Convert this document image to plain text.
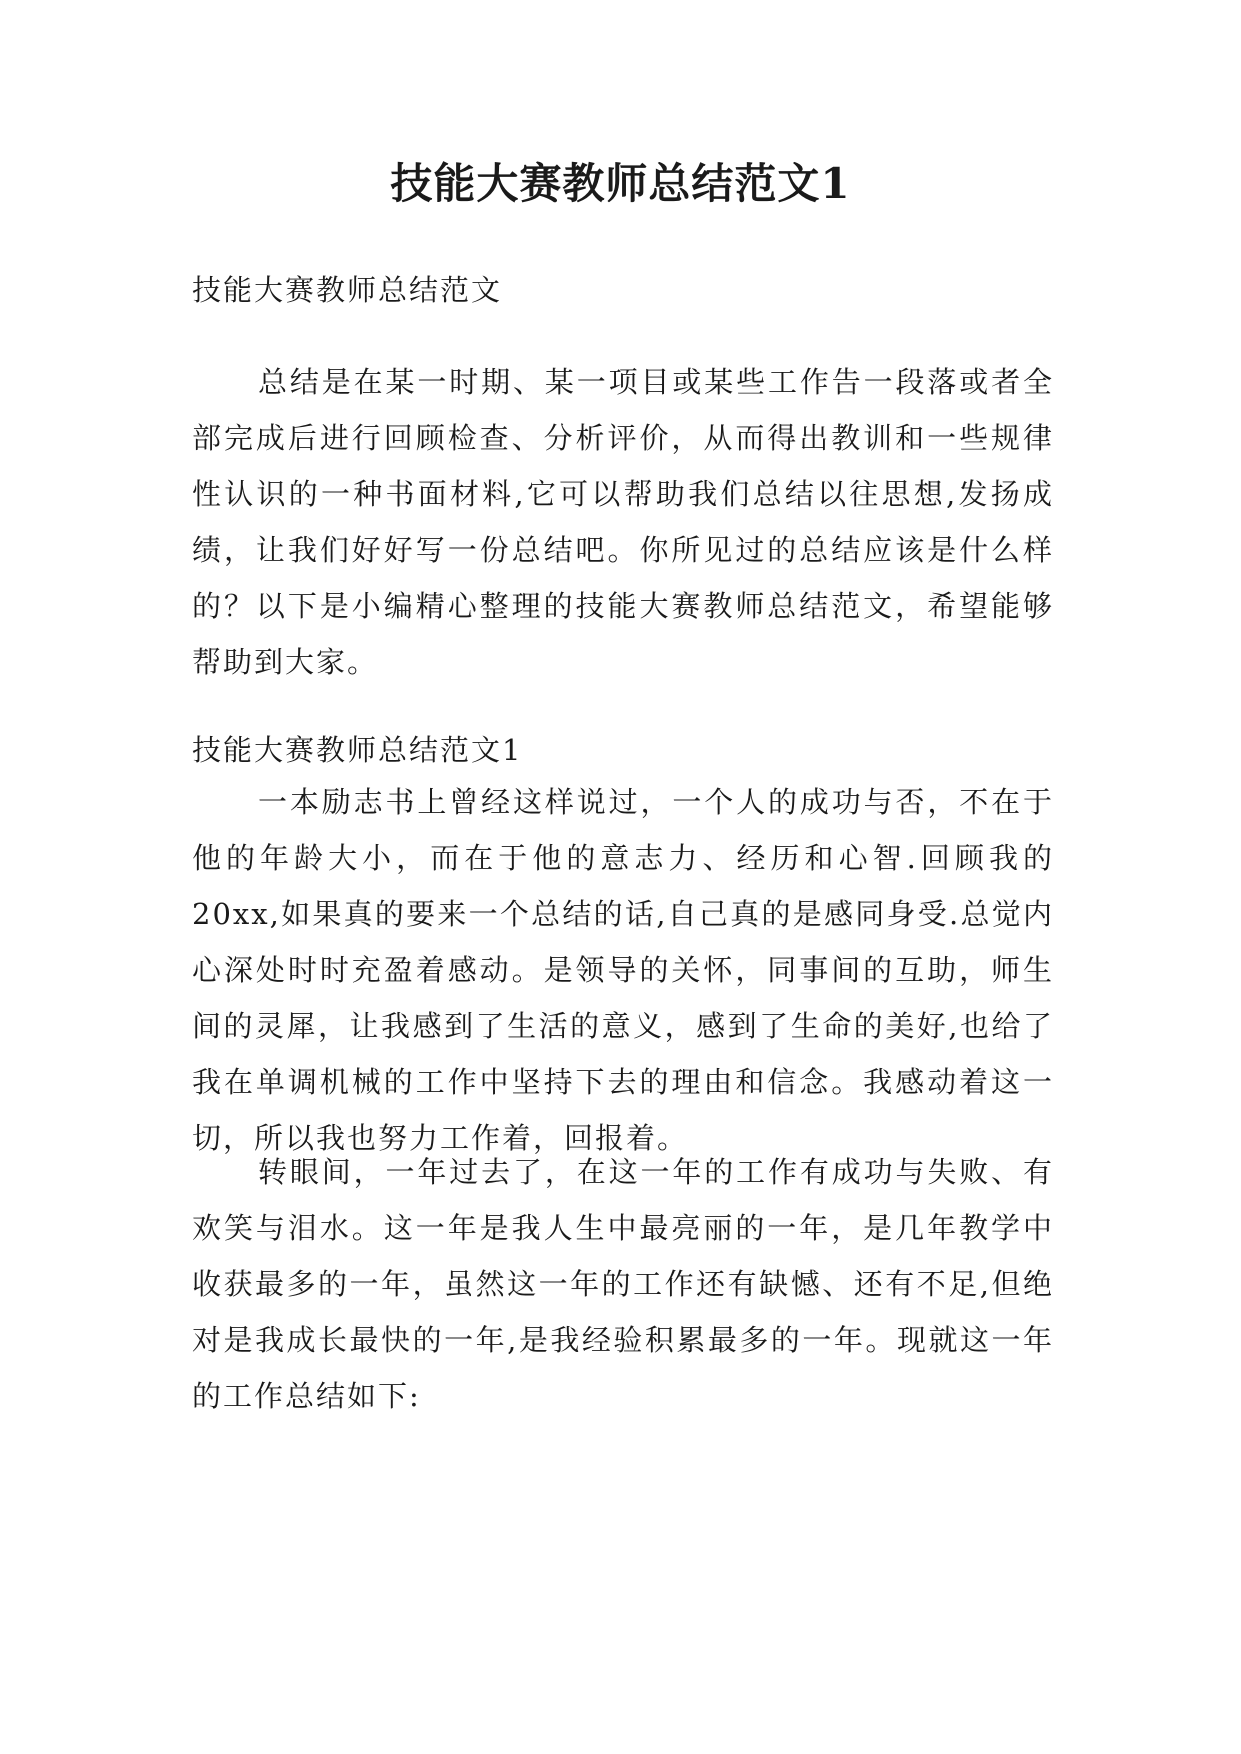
技能大赛教师总结范文1

技能大赛教师总结范文

总结是在某一时期、某一项目或某些工作告一段落或者全部完成后进行回顾检查、分析评价，从而得出教训和一些规律性认识的一种书面材料,它可以帮助我们总结以往思想,发扬成绩，让我们好好写一份总结吧。你所见过的总结应该是什么样的？以下是小编精心整理的技能大赛教师总结范文，希望能够帮助到大家。

技能大赛教师总结范文1

一本励志书上曾经这样说过，一个人的成功与否，不在于他的年龄大小，而在于他的意志力、经历和心智.回顾我的20xx,如果真的要来一个总结的话,自己真的是感同身受.总觉内心深处时时充盈着感动。是领导的关怀，同事间的互助，师生间的灵犀，让我感到了生活的意义，感到了生命的美好,也给了我在单调机械的工作中坚持下去的理由和信念。我感动着这一切，所以我也努力工作着，回报着。

转眼间，一年过去了，在这一年的工作有成功与失败、有欢笑与泪水。这一年是我人生中最亮丽的一年，是几年教学中收获最多的一年，虽然这一年的工作还有缺憾、还有不足,但绝对是我成长最快的一年,是我经验积累最多的一年。现就这一年的工作总结如下:
